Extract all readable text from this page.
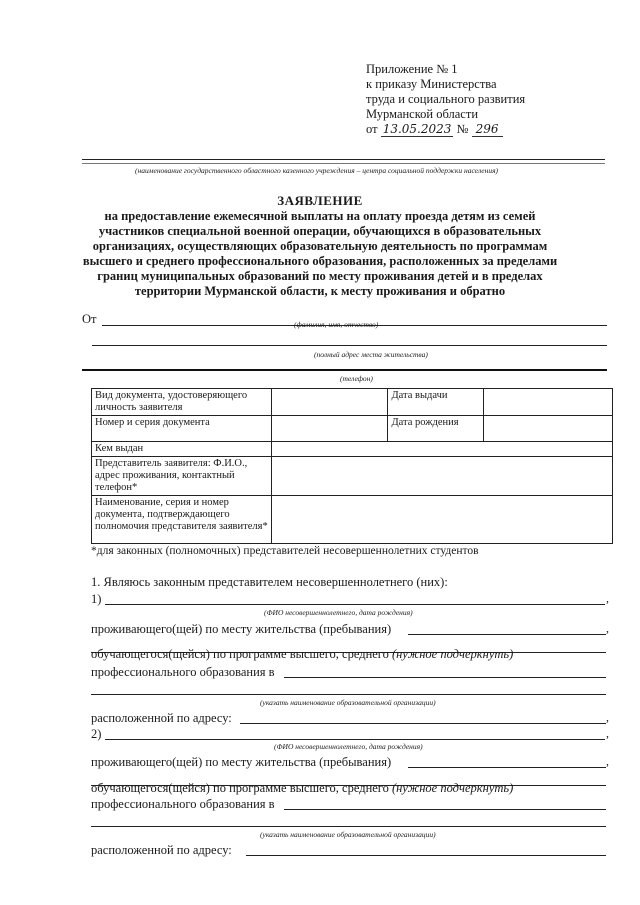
Приложение № 1
к приказу Министерства
труда и социального развития
Мурманской области
от 13.05.2023 № 296
(наименование государственного областного казенного учреждения – центра социальной поддержки населения)
ЗАЯВЛЕНИЕ
на предоставление ежемесячной выплаты на оплату проезда детям из семей участников специальной военной операции, обучающихся в образовательных организациях, осуществляющих образовательную деятельность по программам высшего и среднего профессионального образования, расположенных за пределами границ муниципальных образований по месту проживания детей и в пределах территории Мурманской области, к месту проживания и обратно
От	(фамилия, имя, отчество)
(полный адрес места жительства)
(телефон)
Вид документа, удостоверяющего личность заявителя		Дата выдачи	
Номер и серия документа		Дата рождения	
Кем выдан			
Представитель заявителя: Ф.И.О., адрес проживания, контактный телефон*			
Наименование, серия и номер документа, подтверждающего полномочия представителя заявителя*			
*для законных (полномочных) представителей несовершеннолетних студентов
1. Являюсь законным представителем несовершеннолетнего (них):
1)	,
(ФИО несовершеннолетнего, дата рождения)
проживающего(щей) по месту жительства (пребывания)	,
обучающегося(щейся) по программе высшего, среднего (нужное подчеркнуть)
профессионального образования в
(указать наименование образовательной организации)
расположенной по адресу:	,
2)	,
(ФИО несовершеннолетнего, дата рождения)
проживающего(щей) по месту жительства (пребывания)	,
обучающегося(щейся) по программе высшего, среднего (нужное подчеркнуть)
профессионального образования в
(указать наименование образовательной организации)
расположенной по адресу:
